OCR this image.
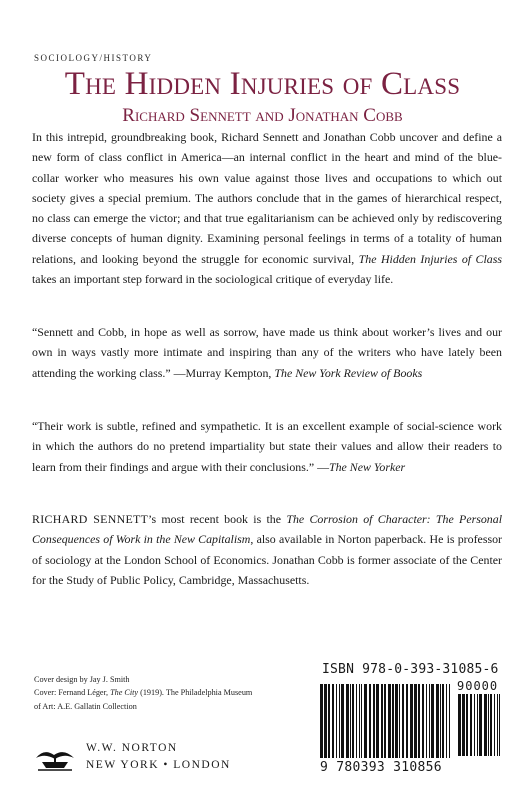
SOCIOLOGY/HISTORY
The Hidden Injuries of Class
Richard Sennett and Jonathan Cobb

In this intrepid, groundbreaking book, Richard Sennett and Jonathan Cobb uncover and define a new form of class conflict in America—an internal conflict in the heart and mind of the blue-collar worker who measures his own value against those lives and occupations to which out society gives a special premium. The authors conclude that in the games of hierarchical respect, no class can emerge the victor; and that true egalitarianism can be achieved only by rediscovering diverse concepts of human dignity. Examining personal feelings in terms of a totality of human relations, and looking beyond the struggle for economic survival, The Hidden Injuries of Class takes an important step forward in the sociological critique of everyday life.

“Sennett and Cobb, in hope as well as sorrow, have made us think about worker’s lives and our own in ways vastly more intimate and inspiring than any of the writers who have lately been attending the working class.” —Murray Kempton, The New York Review of Books

“Their work is subtle, refined and sympathetic. It is an excellent example of social-science work in which the authors do no pretend impartiality but state their values and allow their readers to learn from their findings and argue with their conclusions.” —The New Yorker

RICHARD SENNETT’s most recent book is the The Corrosion of Character: The Personal Consequences of Work in the New Capitalism, also available in Norton paperback. He is professor of sociology at the London School of Economics. Jonathan Cobb is former associate of the Center for the Study of Public Policy, Cambridge, Massachusetts.

Cover design by Jay J. Smith
Cover: Fernand Léger, The City (1919). The Philadelphia Museum
of Art: A.E. Gallatin Collection
W.W. NORTON
NEW YORK • LONDON
ISBN 978-0-393-31085-6
90000
9 780393 310856
